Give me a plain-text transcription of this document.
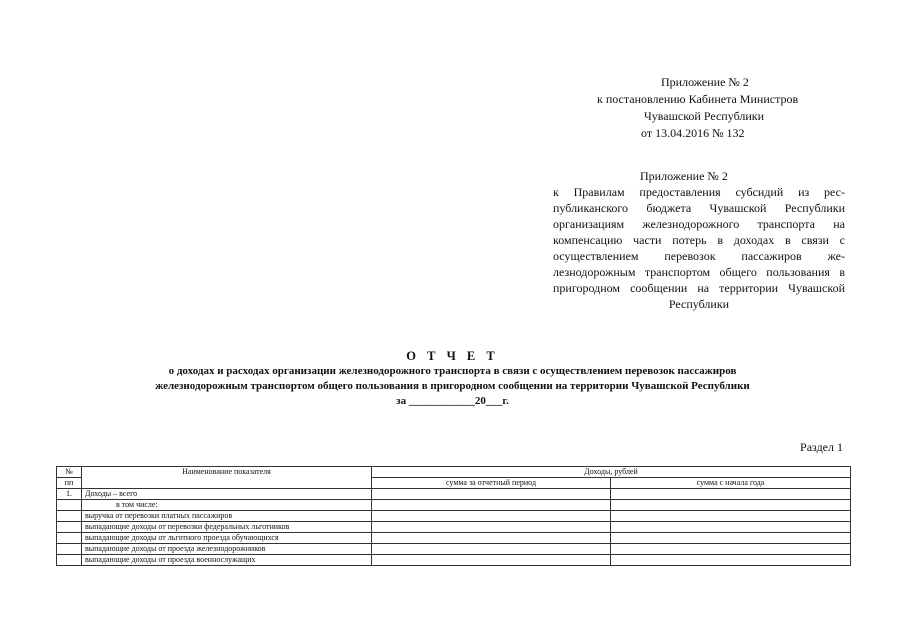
Приложение № 2
к постановлению Кабинета Министров
Чувашской Республики
от 13.04.2016 № 132
Приложение № 2
к Правилам предоставления субсидий из республиканского бюджета Чувашской Республики организациям железнодорожного транспорта на компенсацию части потерь в доходах в связи с осуществлением перевозок пассажиров железнодорожным транспортом общего пользования в пригородном сообщении на территории Чувашской Республики
О Т Ч Е Т
о доходах и расходах организации железнодорожного транспорта в связи с осуществлением перевозок пассажиров
железнодорожным транспортом общего пользования в пригородном сообщении на территории Чувашской Республики
за ____________20___г.
Раздел 1
№	Наименование показателя	Доходы, рублей	
пп		сумма за отчетный период	сумма с начала года
1.	Доходы – всего		
	в том числе:		
	выручка от перевозки платных пассажиров		
	выпадающие доходы от перевозки федеральных льготников		
	выпадающие доходы от льготного проезда обучающихся		
	выпадающие доходы от проезда железнодорожников		
	выпадающие доходы от проезда военнослужащих		
